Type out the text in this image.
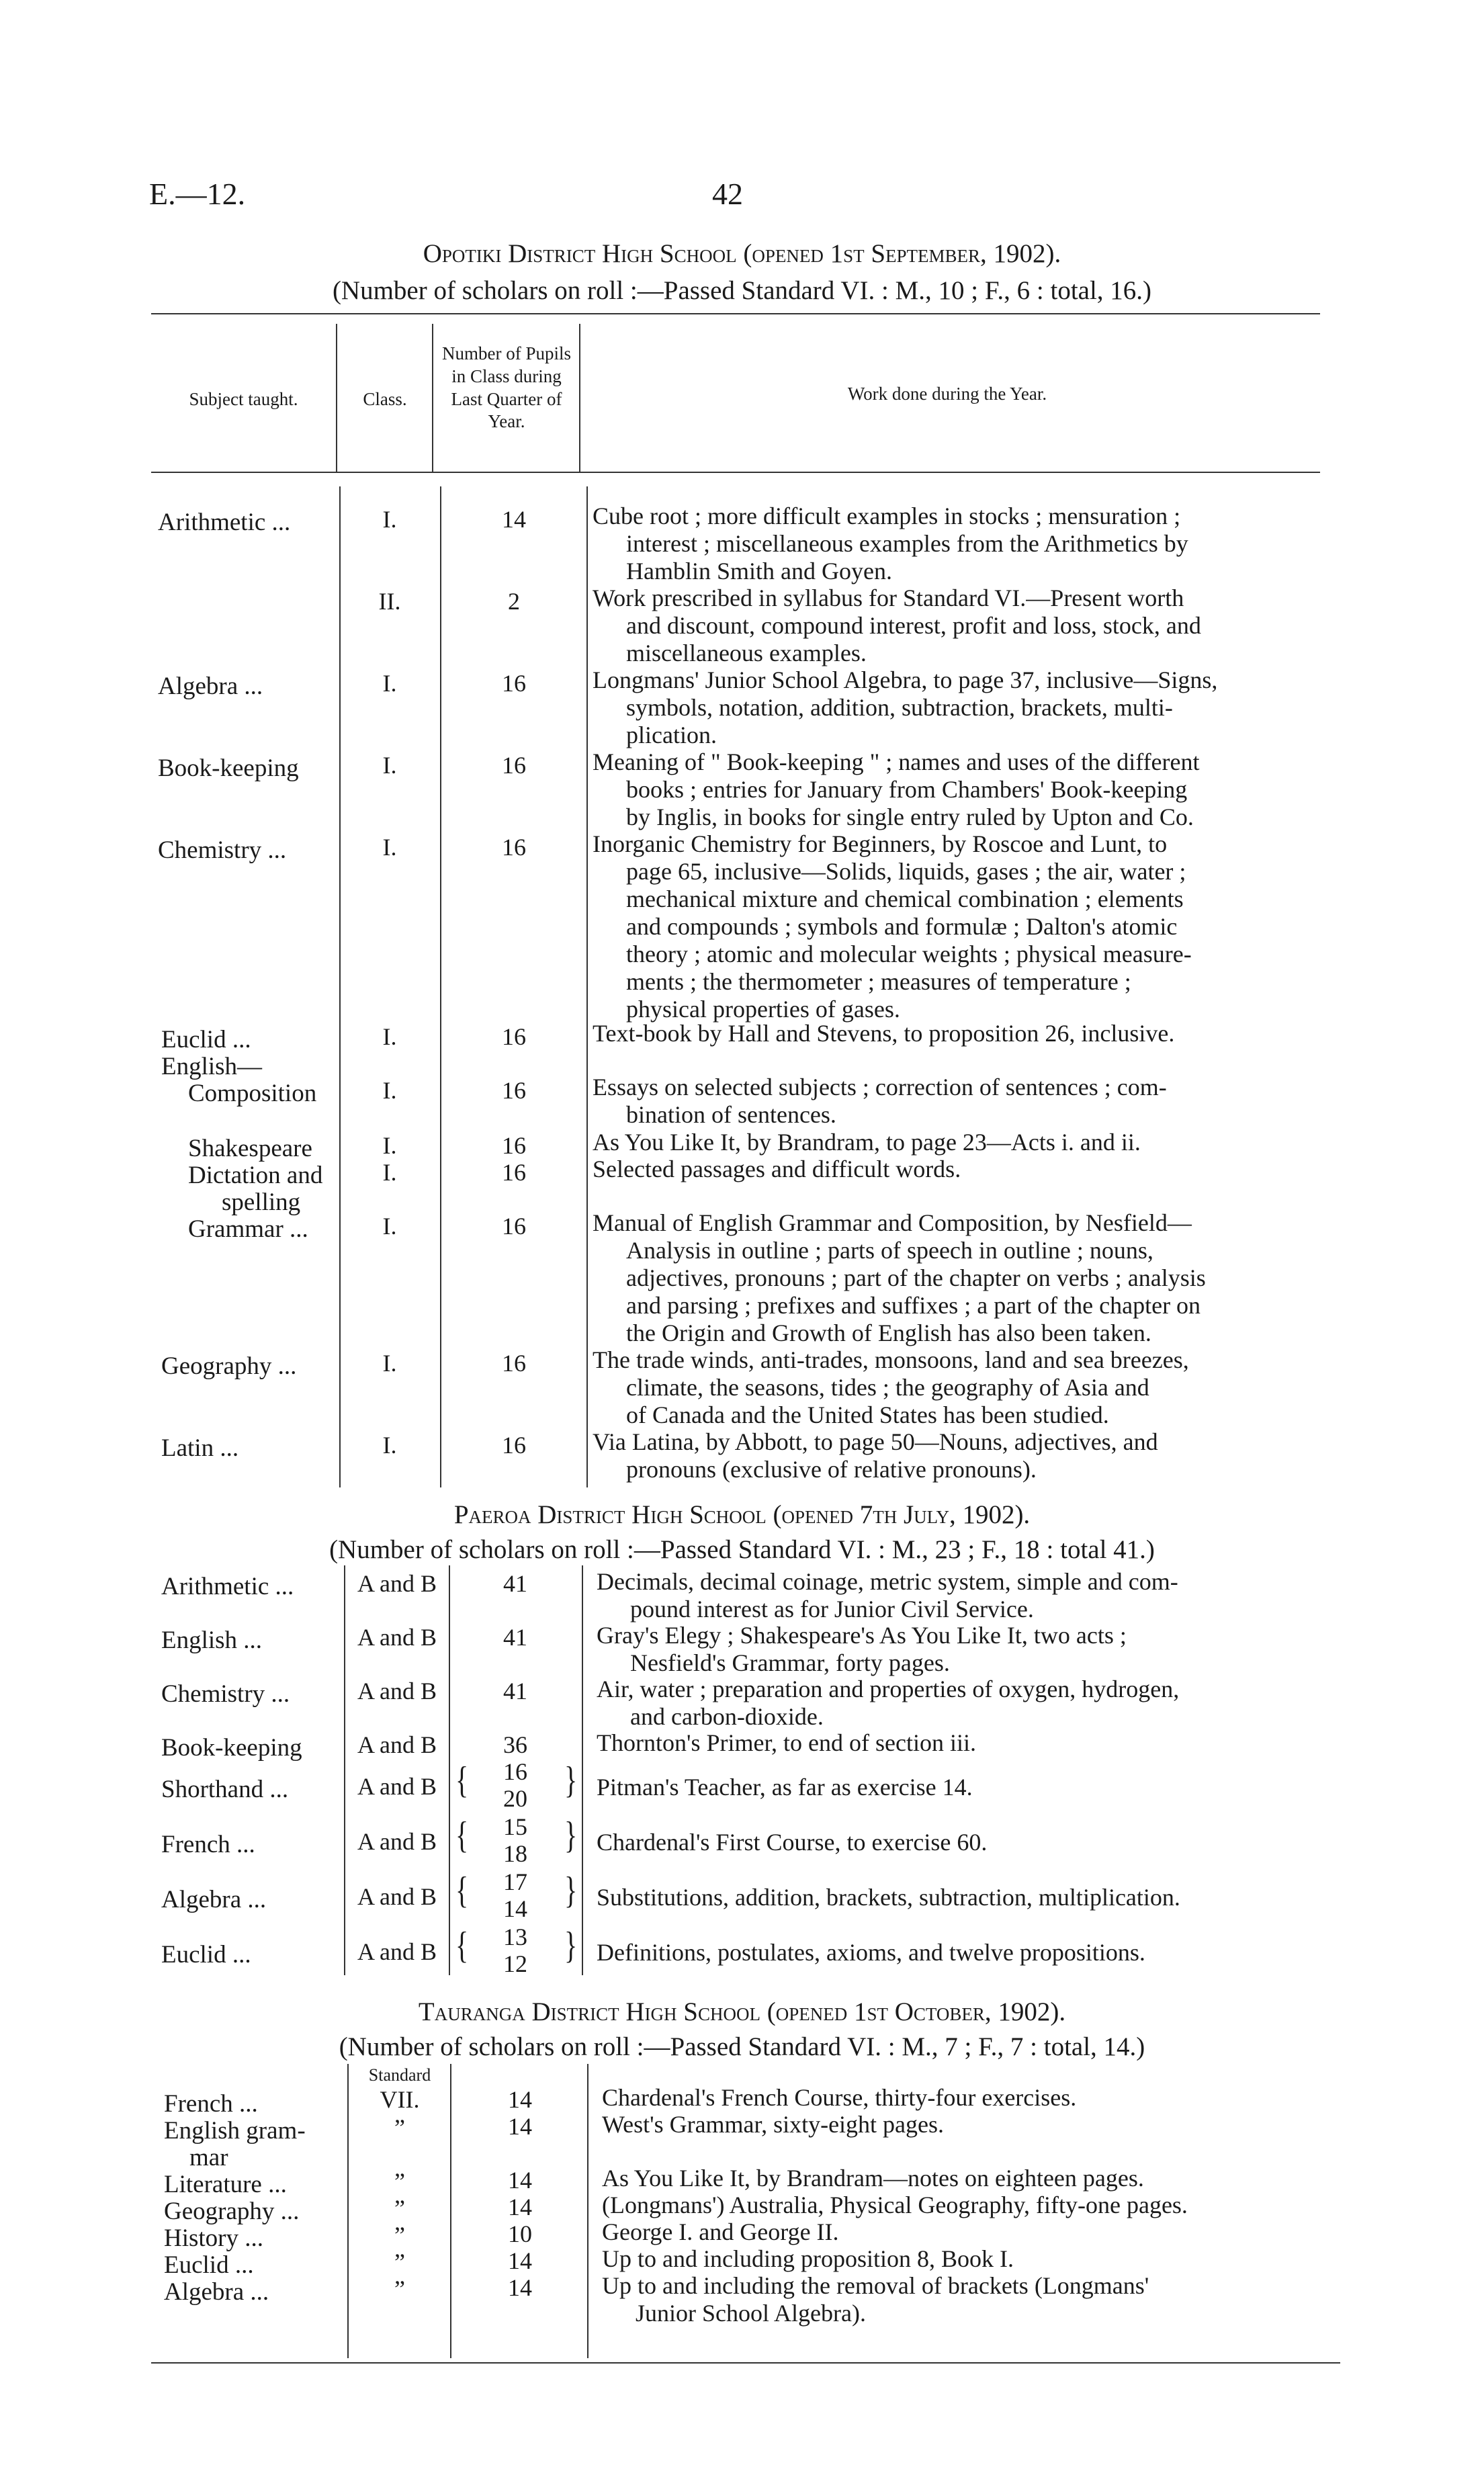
E.—12.	42
Opotiki District High School (opened 1st September, 1902).
(Number of scholars on roll :—Passed Standard VI. : M., 10 ; F., 6 : total, 16.)
Subject taught.	Class.
Number of Pupils in Class during Last Quarter of Year.
Work done during the Year.
Arithmetic ...	I.	14	Cube root ; more difficult examples in stocks ; mensuration ;
interest ; miscellaneous examples from the Arithmetics by
Hamblin Smith and Goyen.
II.	2	Work prescribed in syllabus for Standard VI.—Present worth
and discount, compound interest, profit and loss, stock, and
miscellaneous examples.
Algebra ...	I.	16	Longmans' Junior School Algebra, to page 37, inclusive—Signs,
symbols, notation, addition, subtraction, brackets, multi-
plication.
Book-keeping	I.	16	Meaning of " Book-keeping " ; names and uses of the different
books ; entries for January from Chambers' Book-keeping
by Inglis, in books for single entry ruled by Upton and Co.
Chemistry ...	I.	16	Inorganic Chemistry for Beginners, by Roscoe and Lunt, to
page 65, inclusive—Solids, liquids, gases ; the air, water ;
mechanical mixture and chemical combination ; elements
and compounds ; symbols and formulæ ; Dalton's atomic
theory ; atomic and molecular weights ; physical measure-
ments ; the thermometer ; measures of temperature ;
physical properties of gases.
Euclid ...	I.	16	Text-book by Hall and Stevens, to proposition 26, inclusive.
English—
Composition	I.	16	Essays on selected subjects ; correction of sentences ; com-
bination of sentences.
Shakespeare	I.	16	As You Like It, by Brandram, to page 23—Acts i. and ii.
Dictation and	I.	16	Selected passages and difficult words.
spelling
Grammar ...	I.	16	Manual of English Grammar and Composition, by Nesfield—
Analysis in outline ; parts of speech in outline ; nouns,
adjectives, pronouns ; part of the chapter on verbs ; analysis
and parsing ; prefixes and suffixes ; a part of the chapter on
the Origin and Growth of English has also been taken.
Geography ...	I.	16	The trade winds, anti-trades, monsoons, land and sea breezes,
climate, the seasons, tides ; the geography of Asia and
of Canada and the United States has been studied.
Latin ...	I.	16	Via Latina, by Abbott, to page 50—Nouns, adjectives, and
pronouns (exclusive of relative pronouns).
Paeroa District High School (opened 7th July, 1902).
(Number of scholars on roll :—Passed Standard VI. : M., 23 ; F., 18 : total 41.)
Arithmetic ...	A and B	41	Decimals, decimal coinage, metric system, simple and com-
pound interest as for Junior Civil Service.
English ...	A and B	41	Gray's Elegy ; Shakespeare's As You Like It, two acts ;
Nesfield's Grammar, forty pages.
Chemistry ...	A and B	41	Air, water ; preparation and properties of oxygen, hydrogen,
and carbon-dioxide.
Book-keeping	A and B	36	Thornton's Primer, to end of section iii.
Shorthand ...	A and B {	16
20	} Pitman's Teacher, as far as exercise 14.
French ...	A and B {	15
18	} Chardenal's First Course, to exercise 60.
Algebra ...	A and B {	17
14	} Substitutions, addition, brackets, subtraction, multiplication.
Euclid ...	A and B {	13
12	} Definitions, postulates, axioms, and twelve propositions.
Tauranga District High School (opened 1st October, 1902).
(Number of scholars on roll :—Passed Standard VI. : M., 7 ; F., 7 : total, 14.)
Standard
French ...	VII.	14	Chardenal's French Course, thirty-four exercises.
English gram-	”	14	West's Grammar, sixty-eight pages.
mar
Literature ...	”	14	As You Like It, by Brandram—notes on eighteen pages.
Geography ...	”	14	(Longmans') Australia, Physical Geography, fifty-one pages.
History ...	”	10	George I. and George II.
Euclid ...	”	14	Up to and including proposition 8, Book I.
Algebra ...	”	14	Up to and including the removal of brackets (Longmans'
Junior School Algebra).
